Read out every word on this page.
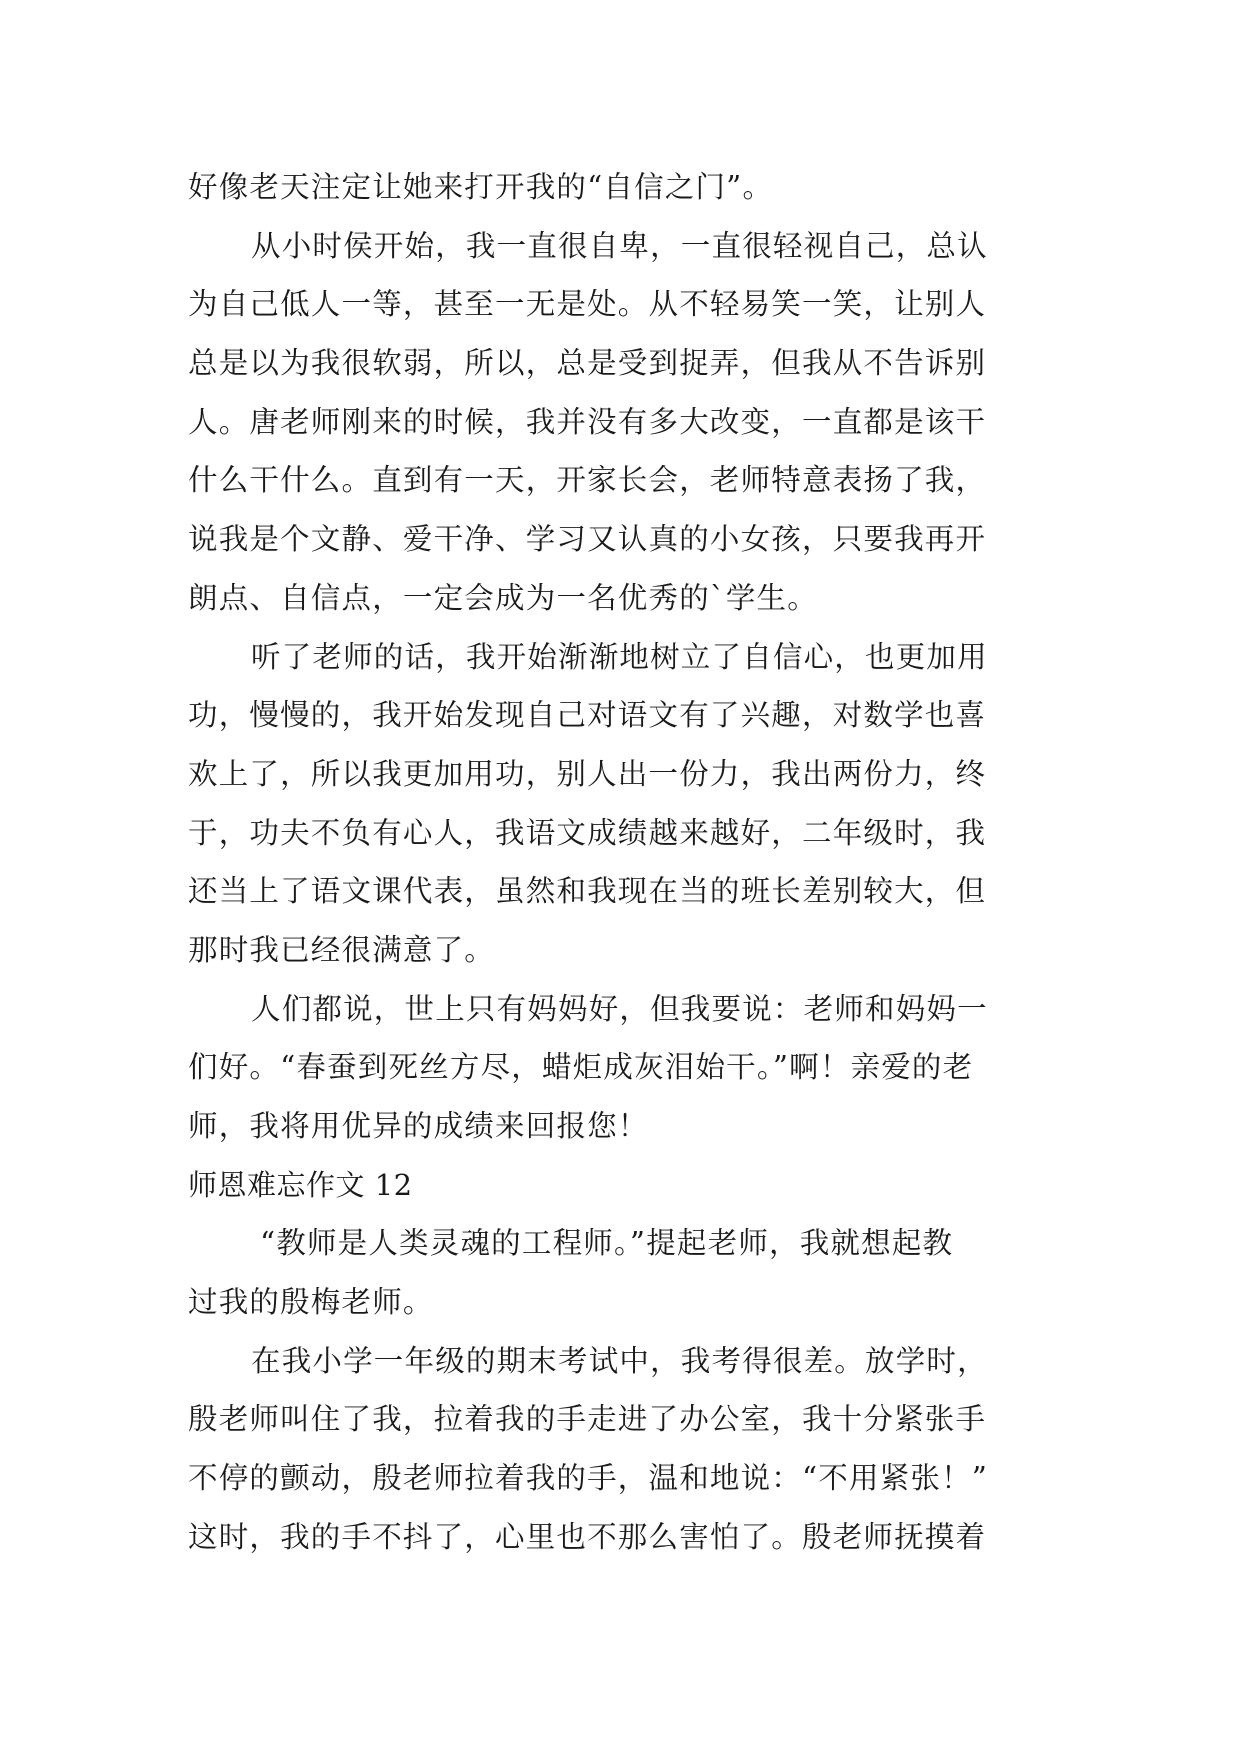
好像老天注定让她来打开我的“自信之门”。
从小时侯开始，我一直很自卑，一直很轻视自己，总认
为自己低人一等，甚至一无是处。从不轻易笑一笑，让别人
总是以为我很软弱，所以，总是受到捉弄，但我从不告诉别
人。唐老师刚来的时候，我并没有多大改变，一直都是该干
什么干什么。直到有一天，开家长会，老师特意表扬了我，
说我是个文静、爱干净、学习又认真的小女孩，只要我再开
朗点、自信点，一定会成为一名优秀的`学生。
听了老师的话，我开始渐渐地树立了自信心，也更加用
功，慢慢的，我开始发现自己对语文有了兴趣，对数学也喜
欢上了，所以我更加用功，别人出一份力，我出两份力，终
于，功夫不负有心人，我语文成绩越来越好，二年级时，我
还当上了语文课代表，虽然和我现在当的班长差别较大，但
那时我已经很满意了。
人们都说，世上只有妈妈好，但我要说：老师和妈妈一
们好。“春蚕到死丝方尽，蜡炬成灰泪始干。”啊！亲爱的老
师，我将用优异的成绩来回报您！
师恩难忘作文 12
“教师是人类灵魂的工程师。”提起老师，我就想起教
过我的殷梅老师。
在我小学一年级的期末考试中，我考得很差。放学时，
殷老师叫住了我，拉着我的手走进了办公室，我十分紧张手
不停的颤动，殷老师拉着我的手，温和地说：“不用紧张！”
这时，我的手不抖了，心里也不那么害怕了。殷老师抚摸着
